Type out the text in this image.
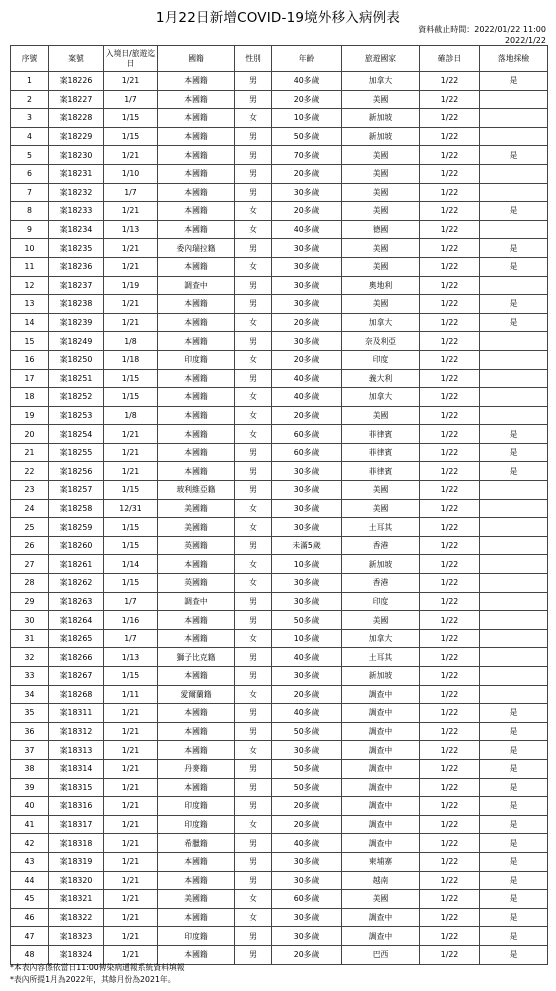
1月22日新增COVID-19境外移入病例表
資料截止時間：2022/01/22 11:00
2022/1/22
序號	案號	入境日/旅遊迄日	國籍	性別	年齡	旅遊國家	確診日	落地採檢
1	案18226	1/21	本國籍	男	40多歲	加拿大	1/22	是
2	案18227	1/7	本國籍	男	20多歲	美國	1/22	
3	案18228	1/15	本國籍	女	10多歲	新加坡	1/22	
4	案18229	1/15	本國籍	男	50多歲	新加坡	1/22	
5	案18230	1/21	本國籍	男	70多歲	美國	1/22	是
6	案18231	1/10	本國籍	男	20多歲	美國	1/22	
7	案18232	1/7	本國籍	男	30多歲	美國	1/22	
8	案18233	1/21	本國籍	女	20多歲	美國	1/22	是
9	案18234	1/13	本國籍	女	40多歲	德國	1/22	
10	案18235	1/21	委內瑞拉籍	男	30多歲	美國	1/22	是
11	案18236	1/21	本國籍	女	30多歲	美國	1/22	是
12	案18237	1/19	調查中	男	30多歲	奧地利	1/22	
13	案18238	1/21	本國籍	男	30多歲	美國	1/22	是
14	案18239	1/21	本國籍	女	20多歲	加拿大	1/22	是
15	案18249	1/8	本國籍	男	30多歲	奈及利亞	1/22	
16	案18250	1/18	印度籍	女	20多歲	印度	1/22	
17	案18251	1/15	本國籍	男	40多歲	義大利	1/22	
18	案18252	1/15	本國籍	女	40多歲	加拿大	1/22	
19	案18253	1/8	本國籍	女	20多歲	美國	1/22	
20	案18254	1/21	本國籍	女	60多歲	菲律賓	1/22	是
21	案18255	1/21	本國籍	男	60多歲	菲律賓	1/22	是
22	案18256	1/21	本國籍	男	30多歲	菲律賓	1/22	是
23	案18257	1/15	玻利維亞籍	男	30多歲	美國	1/22	
24	案18258	12/31	美國籍	女	30多歲	美國	1/22	
25	案18259	1/15	美國籍	女	30多歲	土耳其	1/22	
26	案18260	1/15	英國籍	男	未滿5歲	香港	1/22	
27	案18261	1/14	本國籍	女	10多歲	新加坡	1/22	
28	案18262	1/15	英國籍	女	30多歲	香港	1/22	
29	案18263	1/7	調查中	男	30多歲	印度	1/22	
30	案18264	1/16	本國籍	男	50多歲	美國	1/22	
31	案18265	1/7	本國籍	女	10多歲	加拿大	1/22	
32	案18266	1/13	獅子比克籍	男	40多歲	土耳其	1/22	
33	案18267	1/15	本國籍	男	30多歲	新加坡	1/22	
34	案18268	1/11	愛爾蘭籍	女	20多歲	調查中	1/22	
35	案18311	1/21	本國籍	男	40多歲	調查中	1/22	是
36	案18312	1/21	本國籍	男	50多歲	調查中	1/22	是
37	案18313	1/21	本國籍	女	30多歲	調查中	1/22	是
38	案18314	1/21	丹麥籍	男	50多歲	調查中	1/22	是
39	案18315	1/21	本國籍	男	50多歲	調查中	1/22	是
40	案18316	1/21	印度籍	男	20多歲	調查中	1/22	是
41	案18317	1/21	印度籍	女	20多歲	調查中	1/22	是
42	案18318	1/21	希臘籍	男	40多歲	調查中	1/22	是
43	案18319	1/21	本國籍	男	30多歲	柬埔寨	1/22	是
44	案18320	1/21	本國籍	男	30多歲	越南	1/22	是
45	案18321	1/21	美國籍	女	60多歲	美國	1/22	是
46	案18322	1/21	本國籍	女	30多歲	調查中	1/22	是
47	案18323	1/21	印度籍	男	30多歲	調查中	1/22	是
48	案18324	1/21	本國籍	男	20多歲	巴西	1/22	是
*本表內容係依當日11:00傳染病通報系統資料填報
*表內所提1月為2022年，其餘月份為2021年。
